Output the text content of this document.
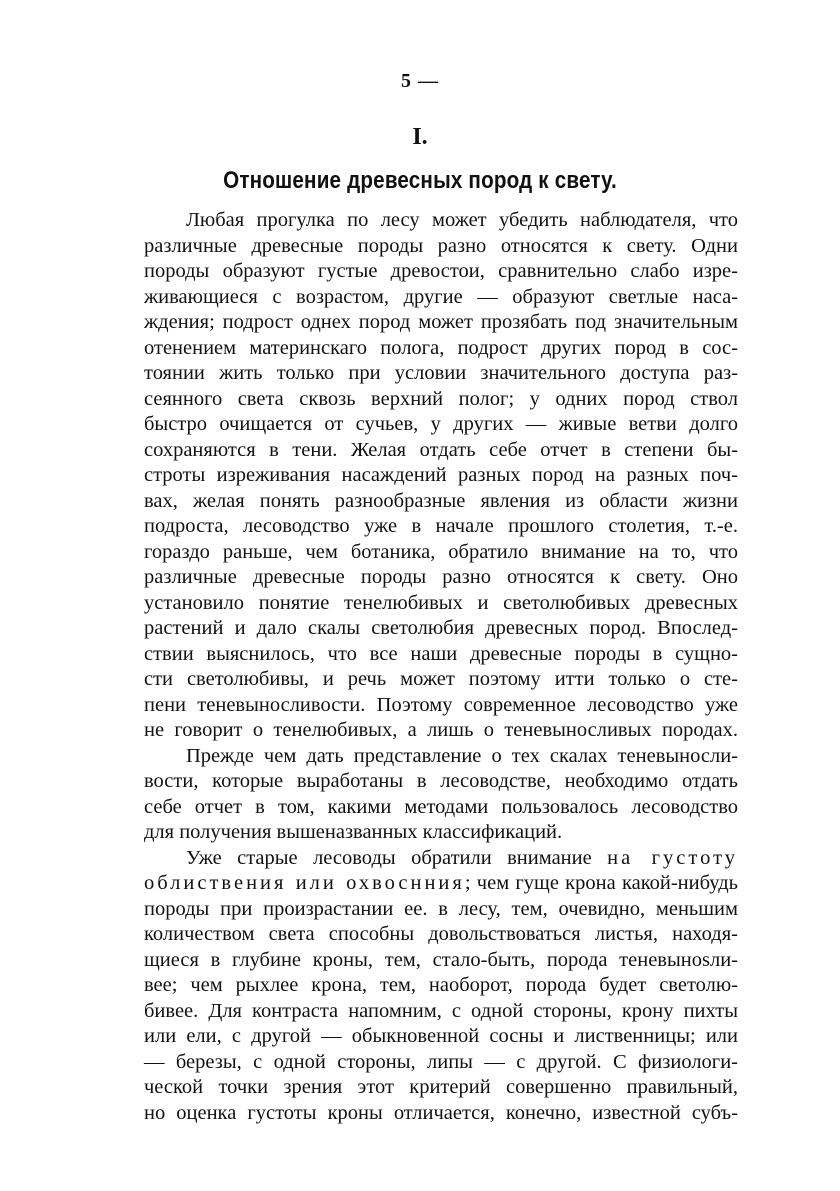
5 —
I.
Отношение древесных пород к свету.
Любая прогулка по лесу может убедить наблюдателя, что
различные древесные породы разно относятся к свету. Одни
породы образуют густые древостои, сравнительно слабо изре-
живающиеся с возрастом, другие — образуют светлые наса-
ждения; подрост однех пород может прозябать под значительным
отенением материнскаго полога, подрост других пород в сос-
тоянии жить только при условии значительного доступа раз-
сеянного света сквозь верхний полог; у одних пород ствол
быстро очищается от сучьев, у других — живые ветви долго
сохраняются в тени. Желая отдать себе отчет в степени бы-
строты изреживания насаждений разных пород на разных поч-
вах, желая понять разнообразные явления из области жизни
подроста, лесоводство уже в начале прошлого столетия, т.-е.
гораздо раньше, чем ботаника, обратило внимание на то, что
различные древесные породы разно относятся к свету. Оно
установило понятие тенелюбивых и светолюбивых древесных
растений и дало скалы светолюбия древесных пород. Впослед-
ствии выяснилось, что все наши древесные породы в сущно-
сти светолюбивы, и речь может поэтому итти только о сте-
пени теневыносливости. Поэтому современное лесоводство уже
не говорит о тенелюбивых, а лишь о теневыносливых породах.
Прежде чем дать представление о тех скалах теневыносли-
вости, которые выработаны в лесоводстве, необходимо отдать
себе отчет в том, какими методами пользовалось лесоводство
для получения вышеназванных классификаций.
Уже старые лесоводы обратили внимание на густоту
облиствения или охвоснния; чем гуще крона какой-нибудь
породы при произрастании ее. в лесу, тем, очевидно, меньшим
количеством света способны довольствоваться листья, находя-
щиеся в глубине кроны, тем, стало-быть, порода теневынosли-
вее; чем рыхлее крона, тем, наоборот, порода будет светолю-
бивее. Для контраста напомним, с одной стороны, крону пихты
или ели, с другой — обыкновенной сосны и лиственницы; или
— березы, с одной стороны, липы — с другой. С физиологи-
ческой точки зрения этот критерий совершенно правильный,
но оценка густоты кроны отличается, конечно, известной субъ-
